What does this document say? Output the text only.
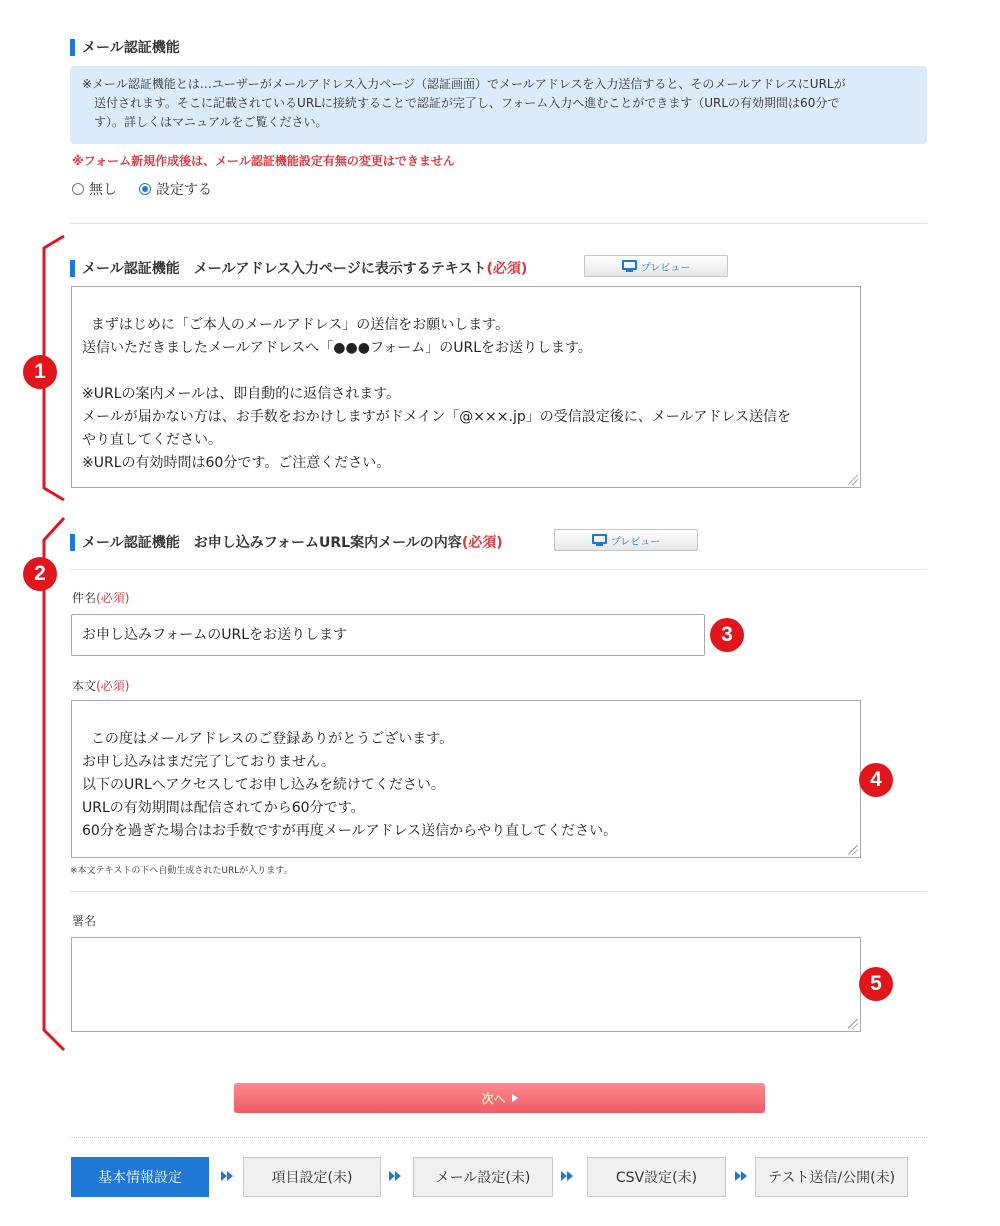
メール認証機能
※メール認証機能とは…ユーザーがメールアドレス入力ページ（認証画面）でメールアドレスを入力送信すると、そのメールアドレスにURLが
送付されます。そこに記載されているURLに接続することで認証が完了し、フォーム入力へ進むことができます（URLの有効期間は60分で
す）。詳しくはマニュアルをご覧ください。
※フォーム新規作成後は、メール認証機能設定有無の変更はできません
無し	設定する
メール認証機能　メールアドレス入力ページに表示するテキスト (必須)	プレビュー

まずはじめに「ご本人のメールアドレス」の送信をお願いします。
送信いただきましたメールアドレスへ「●●●フォーム」のURLをお送りします。

※URLの案内メールは、即自動的に返信されます。
メールが届かない方は、お手数をおかけしますがドメイン「@×××.jp」の受信設定後に、メールアドレス送信を
やり直してください。
※URLの有効時間は60分です。ご注意ください。

メール認証機能　お申し込みフォームURL案内メールの内容 (必須)	プレビュー
件名(必須)
お申し込みフォームのURLをお送りします
本文(必須)

この度はメールアドレスのご登録ありがとうございます。
お申し込みはまだ完了しておりません。
以下のURLへアクセスしてお申し込みを続けてください。
URLの有効期間は配信されてから60分です。
60分を過ぎた場合はお手数ですが再度メールアドレス送信からやり直してください。

※本文テキストの下へ自動生成されたURLが入ります。
署名

1
2
3
4
5
次へ
基本情報設定	項目設定(未)	メール設定(未)	CSV設定(未)	テスト送信/公開(未)
